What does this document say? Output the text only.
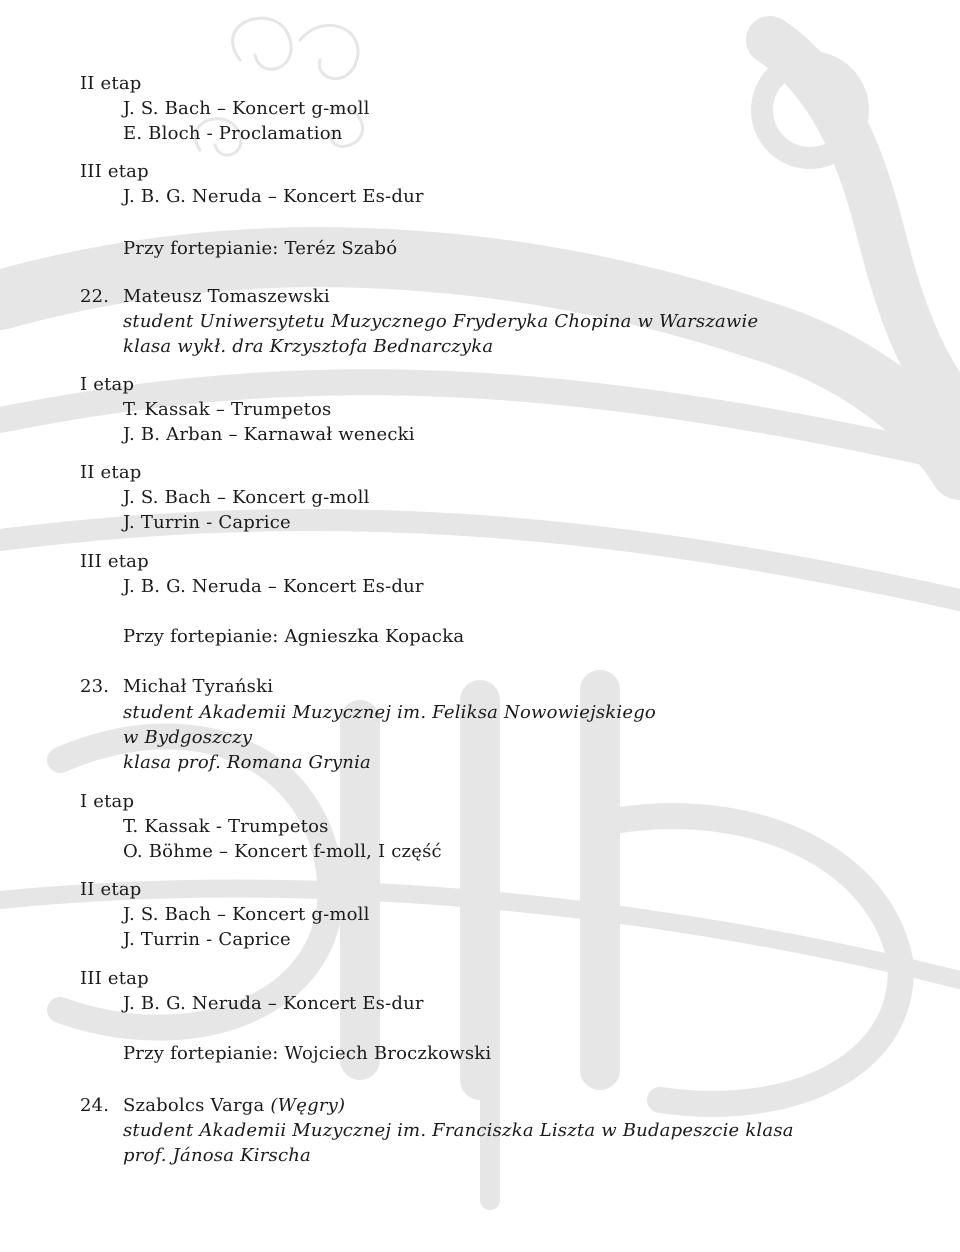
II etap
J. S. Bach – Koncert g-moll
E. Bloch - Proclamation
III etap
J. B. G. Neruda – Koncert Es-dur
Przy fortepianie: Teréz Szabó
22. Mateusz Tomaszewski
student Uniwersytetu Muzycznego Fryderyka Chopina w Warszawie
klasa wykł. dra Krzysztofa Bednarczyka
I etap
T. Kassak – Trumpetos
J. B. Arban – Karnawał wenecki
II etap
J. S. Bach – Koncert g-moll
J. Turrin - Caprice
III etap
J. B. G. Neruda – Koncert Es-dur
Przy fortepianie: Agnieszka Kopacka
23. Michał Tyrański
student Akademii Muzycznej im. Feliksa Nowowiejskiego
w Bydgoszczy
klasa prof. Romana Grynia
I etap
T. Kassak - Trumpetos
O. Böhme – Koncert f-moll, I część
II etap
J. S. Bach – Koncert g-moll
J. Turrin - Caprice
III etap
J. B. G. Neruda – Koncert Es-dur
Przy fortepianie: Wojciech Broczkowski
24. Szabolcs Varga (Węgry)
student Akademii Muzycznej im. Franciszka Liszta w Budapeszcie klasa
prof. Jánosa Kirscha
